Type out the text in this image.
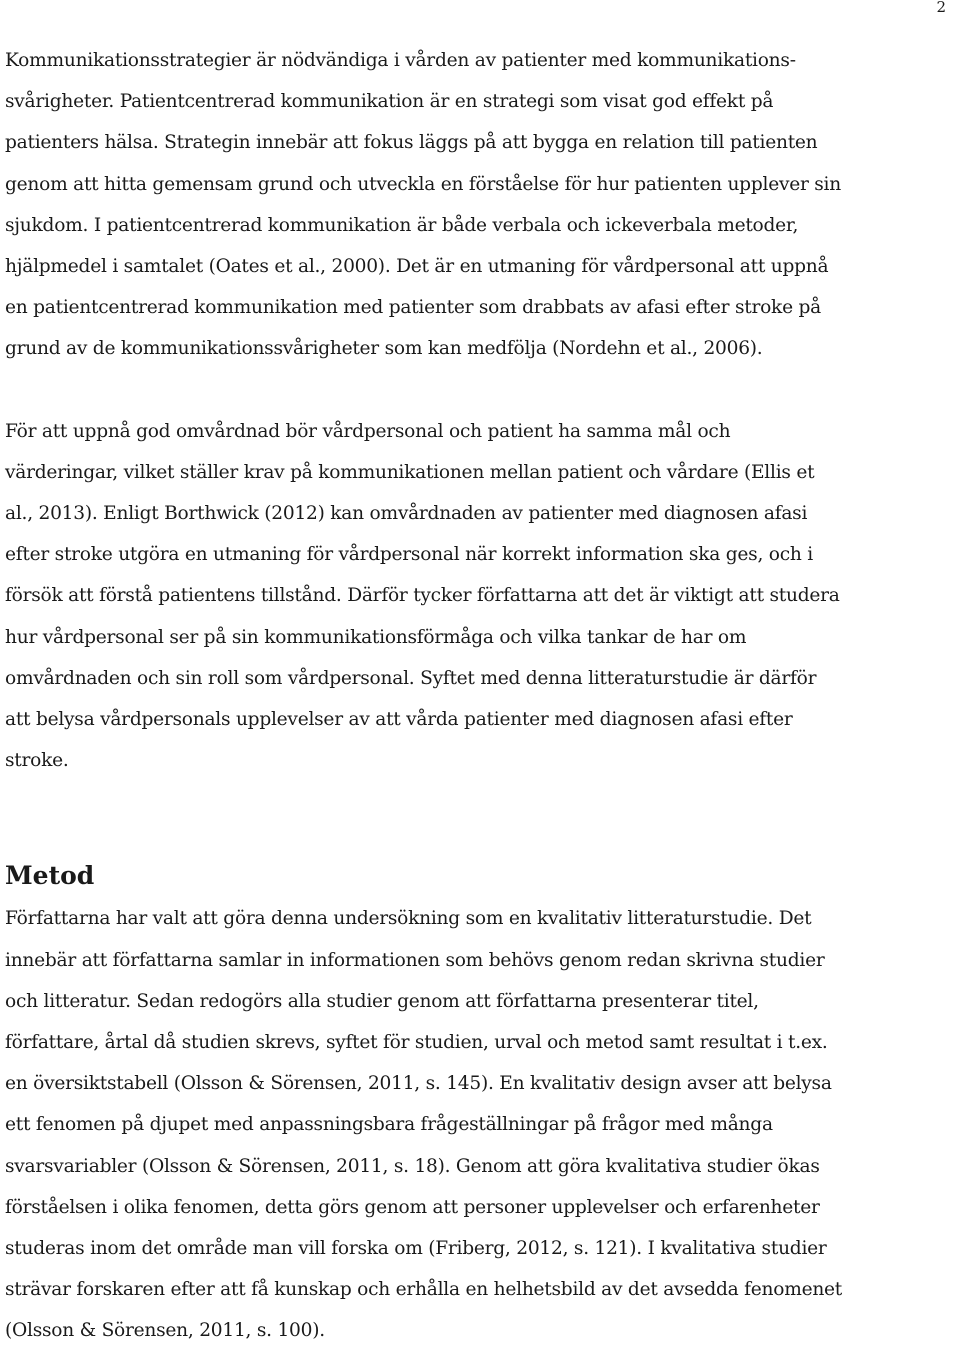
2

Kommunikationsstrategier är nödvändiga i vården av patienter med kommunikations-
svårigheter. Patientcentrerad kommunikation är en strategi som visat god effekt på
patienters hälsa. Strategin innebär att fokus läggs på att bygga en relation till patienten
genom att hitta gemensam grund och utveckla en förståelse för hur patienten upplever sin
sjukdom. I patientcentrerad kommunikation är både verbala och ickeverbala metoder,
hjälpmedel i samtalet (Oates et al., 2000). Det är en utmaning för vårdpersonal att uppnå
en patientcentrerad kommunikation med patienter som drabbats av afasi efter stroke på
grund av de kommunikationssvårigheter som kan medfölja (Nordehn et al., 2006).

För att uppnå god omvårdnad bör vårdpersonal och patient ha samma mål och
värderingar, vilket ställer krav på kommunikationen mellan patient och vårdare (Ellis et
al., 2013). Enligt Borthwick (2012) kan omvårdnaden av patienter med diagnosen afasi
efter stroke utgöra en utmaning för vårdpersonal när korrekt information ska ges, och i
försök att förstå patientens tillstånd. Därför tycker författarna att det är viktigt att studera
hur vårdpersonal ser på sin kommunikationsförmåga och vilka tankar de har om
omvårdnaden och sin roll som vårdpersonal. Syftet med denna litteraturstudie är därför
att belysa vårdpersonals upplevelser av att vårda patienter med diagnosen afasi efter
stroke.

Metod

Författarna har valt att göra denna undersökning som en kvalitativ litteraturstudie. Det
innebär att författarna samlar in informationen som behövs genom redan skrivna studier
och litteratur. Sedan redogörs alla studier genom att författarna presenterar titel,
författare, årtal då studien skrevs, syftet för studien, urval och metod samt resultat i t.ex.
en översiktstabell (Olsson & Sörensen, 2011, s. 145). En kvalitativ design avser att belysa
ett fenomen på djupet med anpassningsbara frågeställningar på frågor med många
svarsvariabler (Olsson & Sörensen, 2011, s. 18). Genom att göra kvalitativa studier ökas
förståelsen i olika fenomen, detta görs genom att personer upplevelser och erfarenheter
studeras inom det område man vill forska om (Friberg, 2012, s. 121). I kvalitativa studier
strävar forskaren efter att få kunskap och erhålla en helhetsbild av det avsedda fenomenet
(Olsson & Sörensen, 2011, s. 100).
